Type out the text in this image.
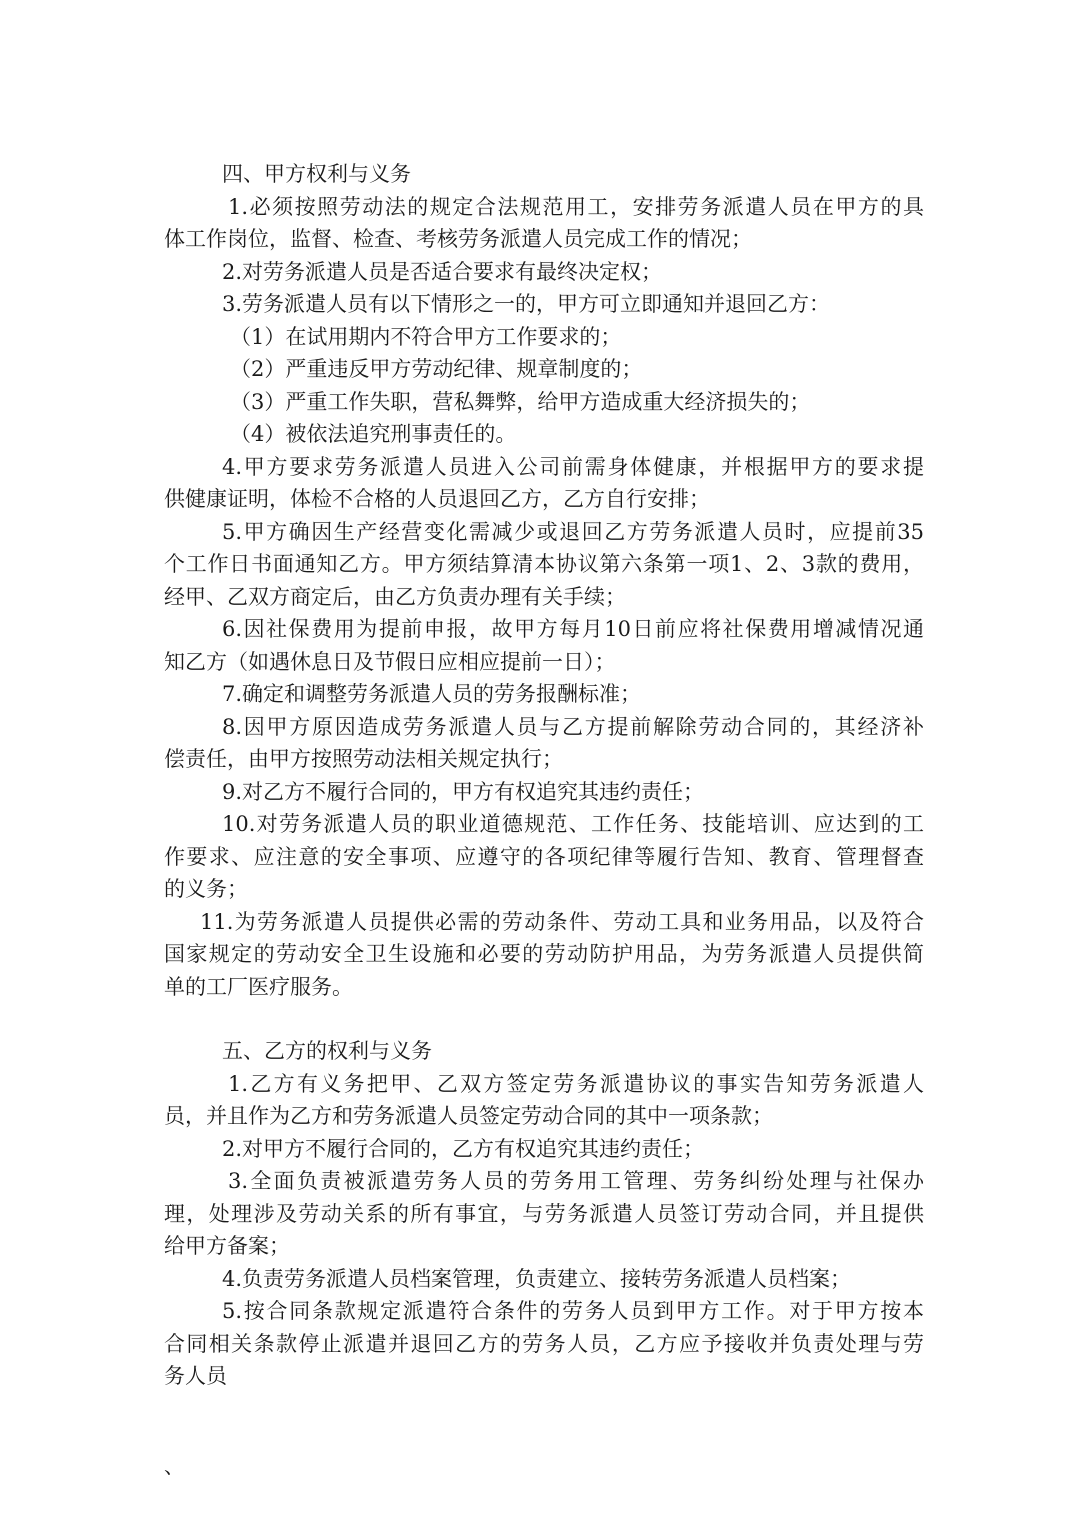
四、甲方权利与义务
1.必须按照劳动法的规定合法规范用工，安排劳务派遣人员在甲方的具
体工作岗位，监督、检查、考核劳务派遣人员完成工作的情况；
2.对劳务派遣人员是否适合要求有最终决定权；
3.劳务派遣人员有以下情形之一的，甲方可立即通知并退回乙方：
（1）在试用期内不符合甲方工作要求的；
（2）严重违反甲方劳动纪律、规章制度的；
（3）严重工作失职，营私舞弊，给甲方造成重大经济损失的；
（4）被依法追究刑事责任的。
4.甲方要求劳务派遣人员进入公司前需身体健康，并根据甲方的要求提
供健康证明，体检不合格的人员退回乙方，乙方自行安排；
5.甲方确因生产经营变化需减少或退回乙方劳务派遣人员时，应提前35
个工作日书面通知乙方。甲方须结算清本协议第六条第一项1、2、3款的费用，
经甲、乙双方商定后，由乙方负责办理有关手续；
6.因社保费用为提前申报，故甲方每月10日前应将社保费用增减情况通
知乙方（如遇休息日及节假日应相应提前一日）；
7.确定和调整劳务派遣人员的劳务报酬标准；
8.因甲方原因造成劳务派遣人员与乙方提前解除劳动合同的，其经济补
偿责任，由甲方按照劳动法相关规定执行；
9.对乙方不履行合同的，甲方有权追究其违约责任；
10.对劳务派遣人员的职业道德规范、工作任务、技能培训、应达到的工
作要求、应注意的安全事项、应遵守的各项纪律等履行告知、教育、管理督查
的义务；
11.为劳务派遣人员提供必需的劳动条件、劳动工具和业务用品，以及符合
国家规定的劳动安全卫生设施和必要的劳动防护用品，为劳务派遣人员提供简
单的工厂医疗服务。
五、乙方的权利与义务
1.乙方有义务把甲、乙双方签定劳务派遣协议的事实告知劳务派遣人
员，并且作为乙方和劳务派遣人员签定劳动合同的其中一项条款；
2.对甲方不履行合同的，乙方有权追究其违约责任；
3.全面负责被派遣劳务人员的劳务用工管理、劳务纠纷处理与社保办
理，处理涉及劳动关系的所有事宜，与劳务派遣人员签订劳动合同，并且提供
给甲方备案；
4.负责劳务派遣人员档案管理，负责建立、接转劳务派遣人员档案；
5.按合同条款规定派遣符合条件的劳务人员到甲方工作。对于甲方按本
合同相关条款停止派遣并退回乙方的劳务人员，乙方应予接收并负责处理与劳
务人员
、
